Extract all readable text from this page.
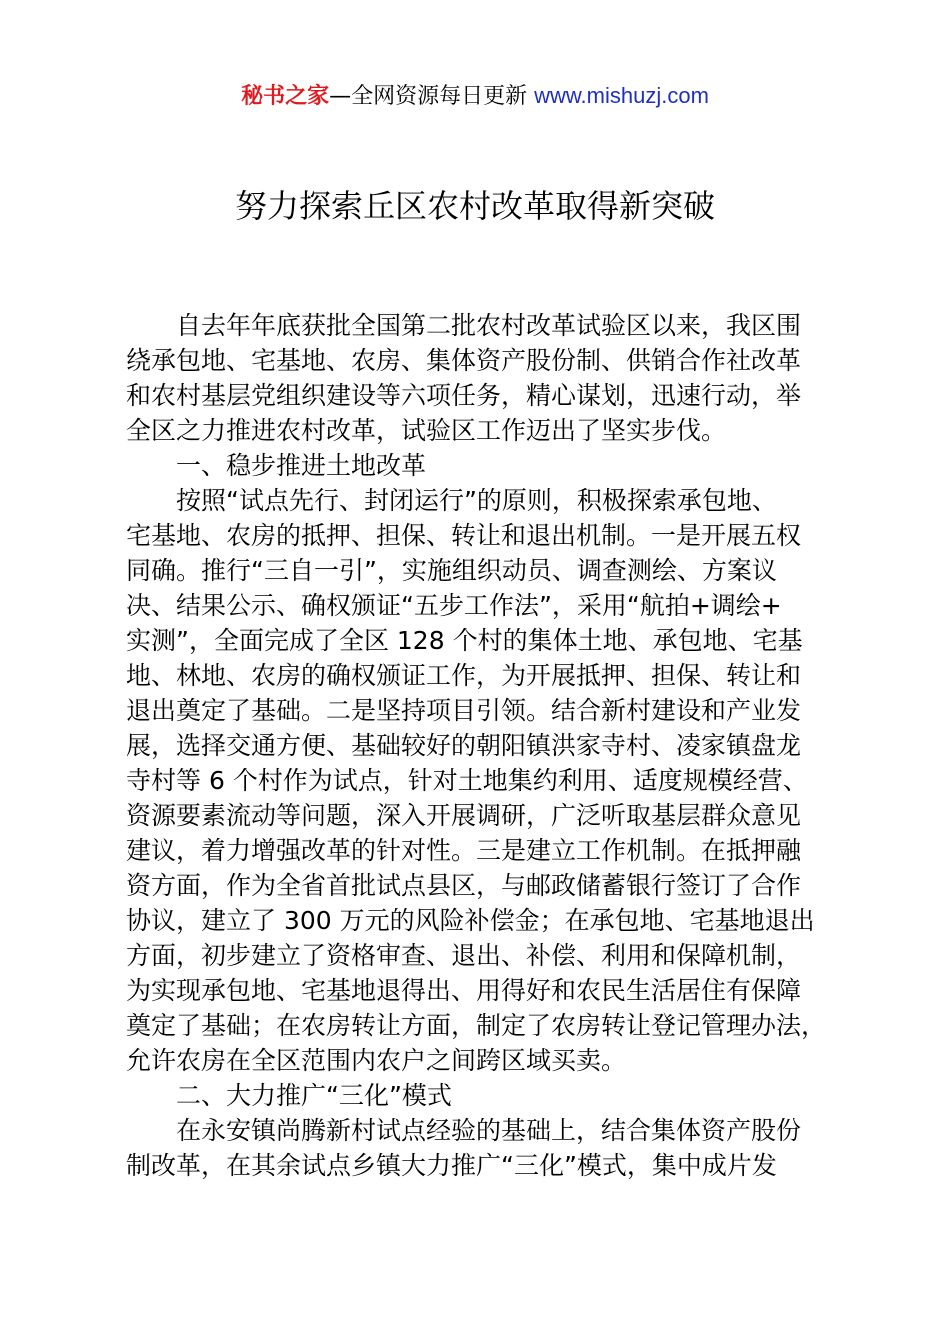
秘书之家—全网资源每日更新 www.mishuzj.com
努力探索丘区农村改革取得新突破
自去年年底获批全国第二批农村改革试验区以来，我区围
绕承包地、宅基地、农房、集体资产股份制、供销合作社改革
和农村基层党组织建设等六项任务，精心谋划，迅速行动，举
全区之力推进农村改革，试验区工作迈出了坚实步伐。
一、稳步推进土地改革
按照“试点先行、封闭运行”的原则，积极探索承包地、
宅基地、农房的抵押、担保、转让和退出机制。一是开展五权
同确。推行“三自一引”，实施组织动员、调查测绘、方案议
决、结果公示、确权颁证“五步工作法”，采用“航拍+调绘+
实测”，全面完成了全区 128 个村的集体土地、承包地、宅基
地、林地、农房的确权颁证工作，为开展抵押、担保、转让和
退出奠定了基础。二是坚持项目引领。结合新村建设和产业发
展，选择交通方便、基础较好的朝阳镇洪家寺村、凌家镇盘龙
寺村等 6 个村作为试点，针对土地集约利用、适度规模经营、
资源要素流动等问题，深入开展调研，广泛听取基层群众意见
建议，着力增强改革的针对性。三是建立工作机制。在抵押融
资方面，作为全省首批试点县区，与邮政储蓄银行签订了合作
协议，建立了 300 万元的风险补偿金；在承包地、宅基地退出
方面，初步建立了资格审查、退出、补偿、利用和保障机制，
为实现承包地、宅基地退得出、用得好和农民生活居住有保障
奠定了基础；在农房转让方面，制定了农房转让登记管理办法，
允许农房在全区范围内农户之间跨区域买卖。
二、大力推广“三化”模式
在永安镇尚腾新村试点经验的基础上，结合集体资产股份
制改革，在其余试点乡镇大力推广“三化”模式，集中成片发
